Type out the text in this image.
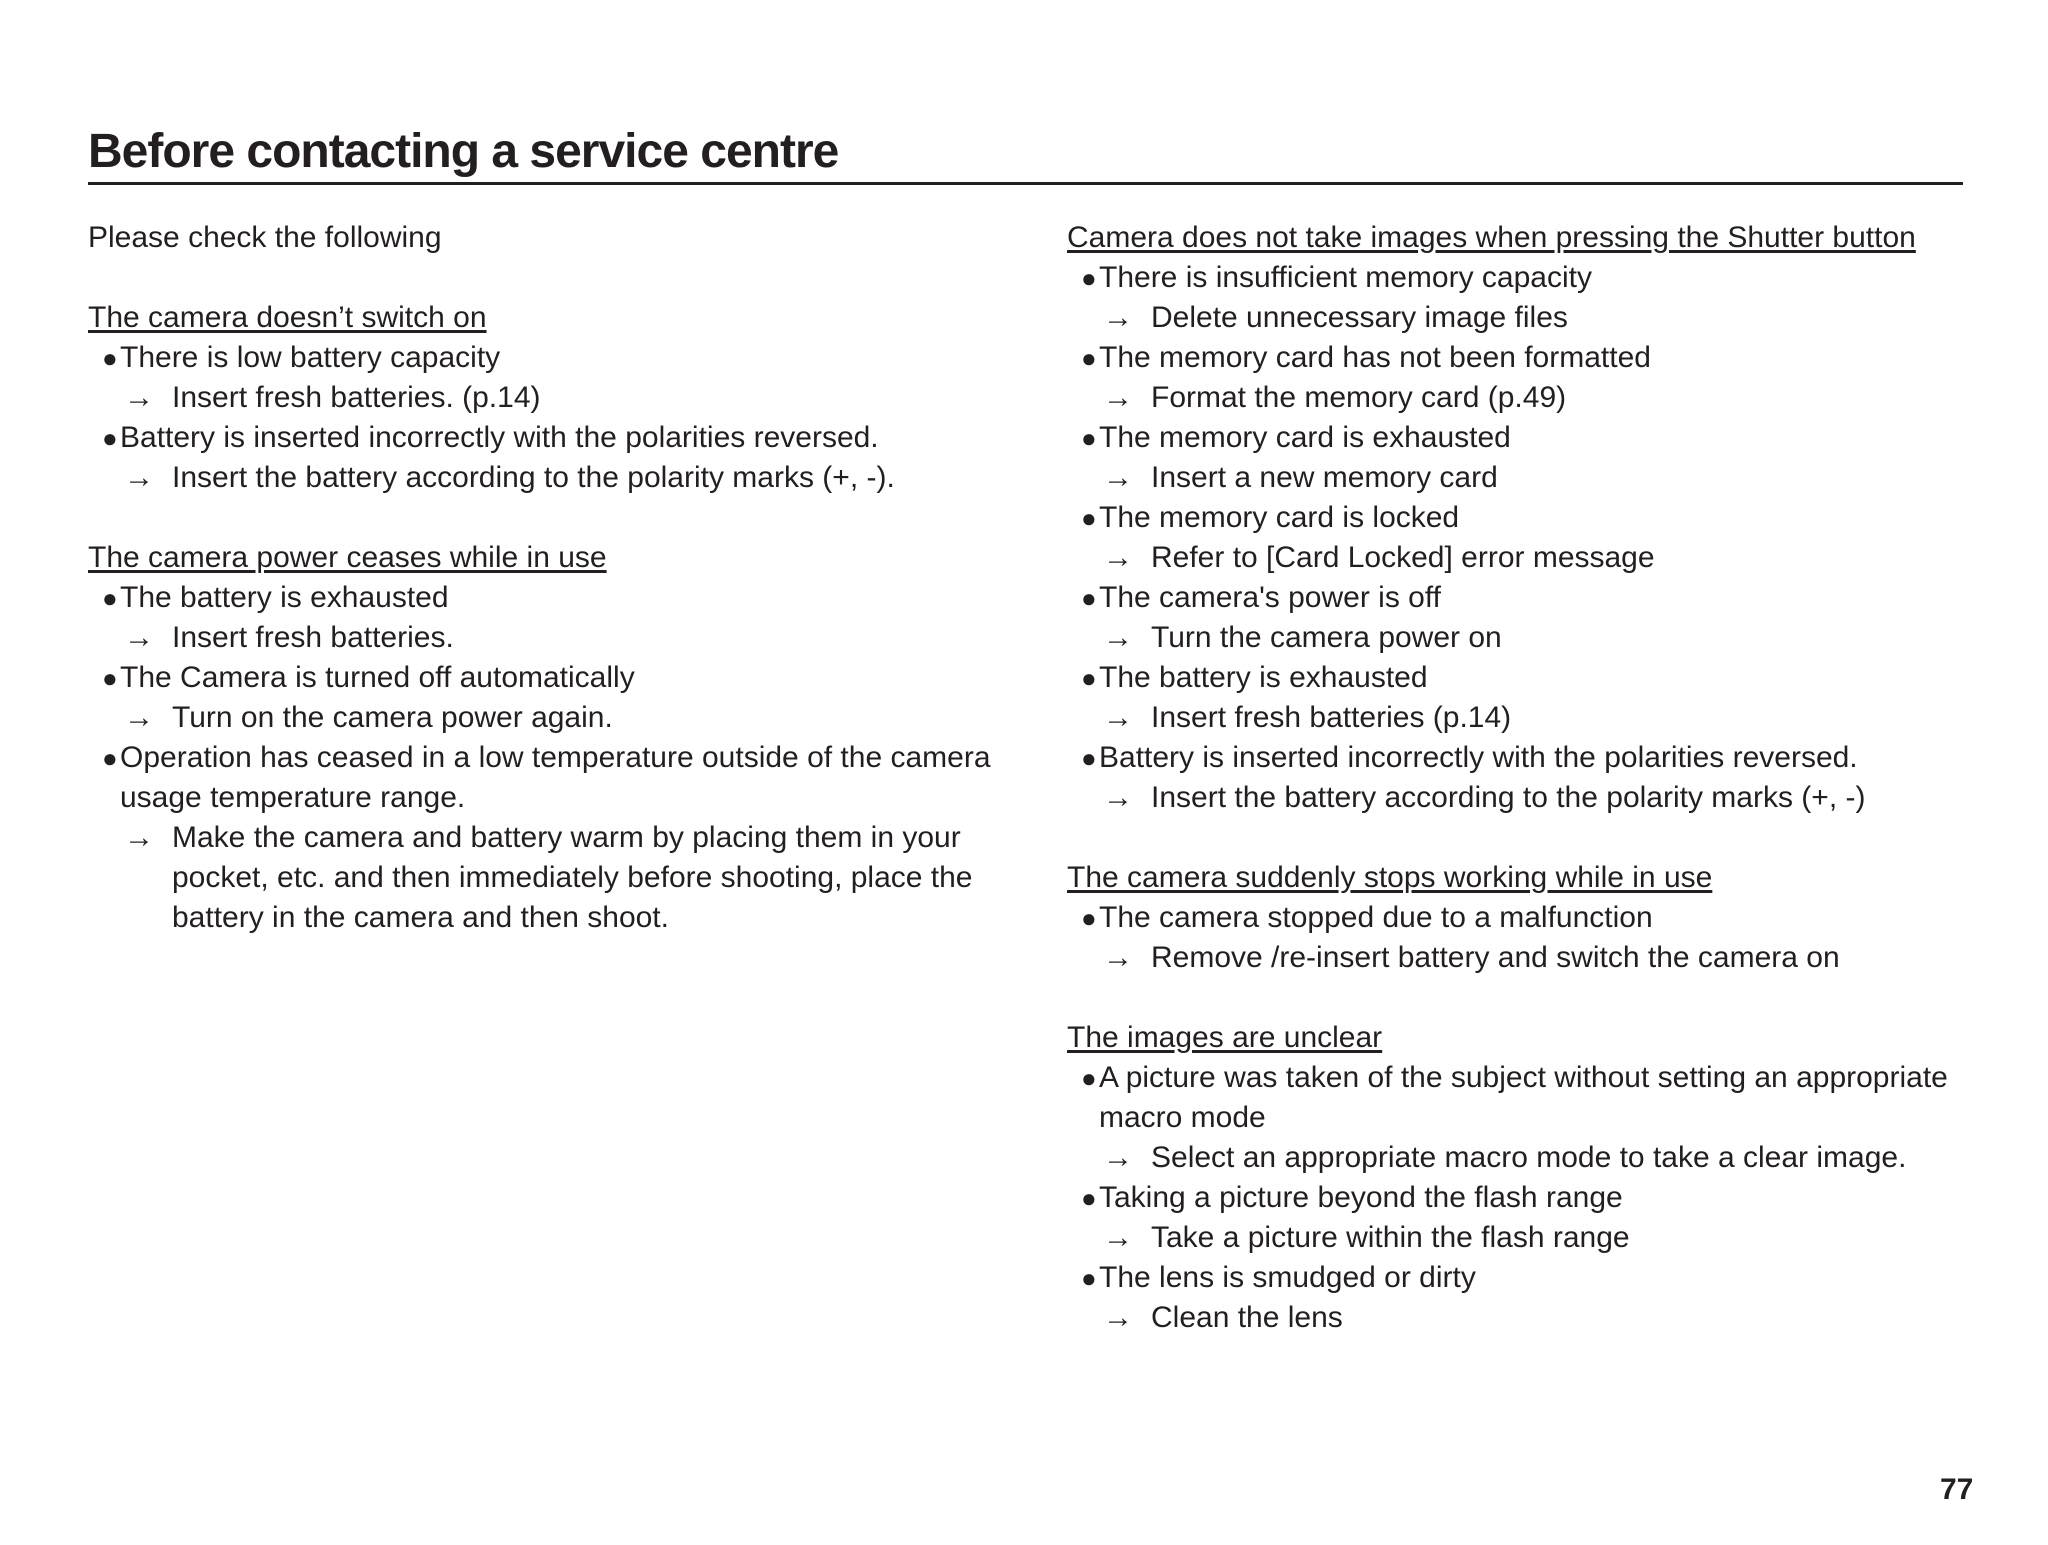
Before contacting a service centre

Please check the following

The camera doesn’t switch on

● There is low battery capacity

→ Insert fresh batteries. (p.14)

● Battery is inserted incorrectly with the polarities reversed.

→ Insert the battery according to the polarity marks (+, -).

The camera power ceases while in use

● The battery is exhausted

→ Insert fresh batteries.

● The Camera is turned off automatically

→ Turn on the camera power again.

● Operation has ceased in a low temperature outside of the camera usage temperature range.

→ Make the camera and battery warm by placing them in your pocket, etc. and then immediately before shooting, place the battery in the camera and then shoot.

Camera does not take images when pressing the Shutter button

● There is insufficient memory capacity

→ Delete unnecessary image files

● The memory card has not been formatted

→ Format the memory card (p.49)

● The memory card is exhausted

→ Insert a new memory card

● The memory card is locked

→ Refer to [Card Locked] error message

● The camera's power is off

→ Turn the camera power on

● The battery is exhausted

→ Insert fresh batteries (p.14)

● Battery is inserted incorrectly with the polarities reversed.

→ Insert the battery according to the polarity marks (+, -)

The camera suddenly stops working while in use

● The camera stopped due to a malfunction

→ Remove /re-insert battery and switch the camera on

The images are unclear

● A picture was taken of the subject without setting an appropriate macro mode

→ Select an appropriate macro mode to take a clear image.

● Taking a picture beyond the flash range

→ Take a picture within the flash range

● The lens is smudged or dirty

→ Clean the lens

77
